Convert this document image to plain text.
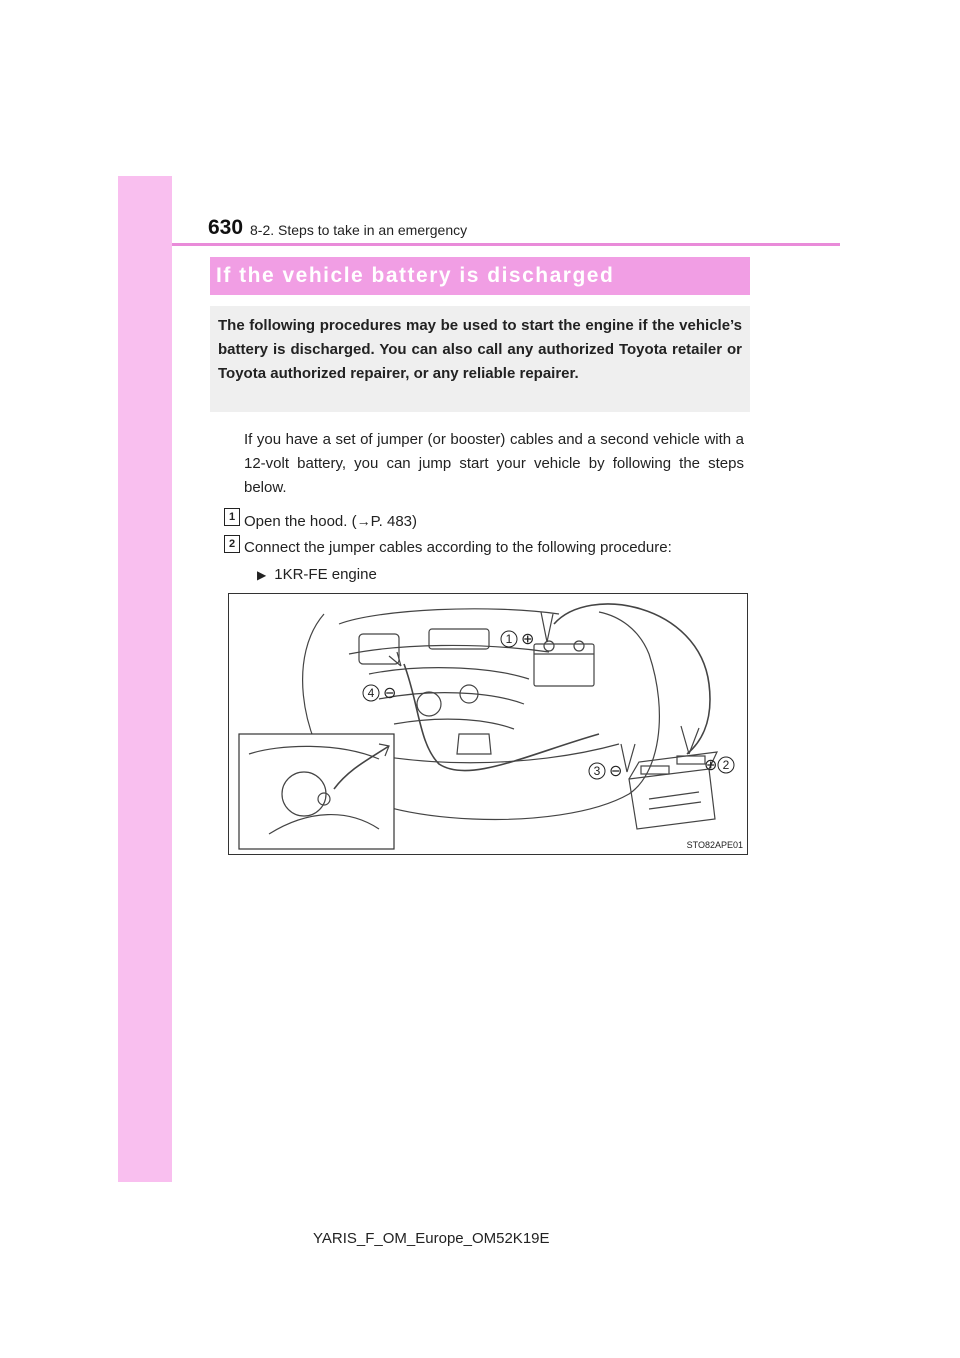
630 8-2. Steps to take in an emergency
If the vehicle battery is discharged

The following procedures may be used to start the engine if the vehicle’s battery is discharged. You can also call any authorized Toyota retailer or Toyota authorized repairer, or any reliable repairer.

If you have a set of jumper (or booster) cables and a second vehicle with a 12-volt battery, you can jump start your vehicle by following the steps below.

1 Open the hood. (→P. 483)
2 Connect the jumper cables according to the following procedure:
▶ 1KR-FE engine
1 ⊕
2
⊕
3 ⊖
4 ⊖
STO82APE01
YARIS_F_OM_Europe_OM52K19E
